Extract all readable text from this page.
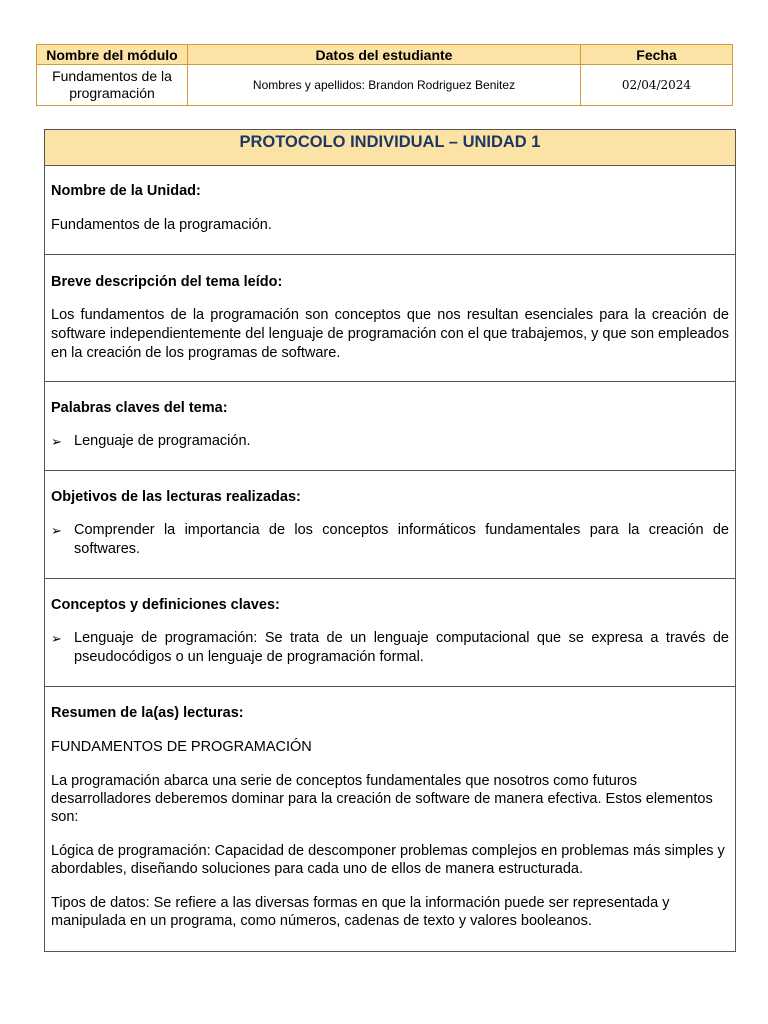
Nombre del módulo	Datos del estudiante	Fecha

Fundamentos de la
programación	Nombres y apellidos: Brandon Rodriguez Benitez	02/04/2024
PROTOCOLO INDIVIDUAL – UNIDAD 1

Nombre de la Unidad:

Fundamentos de la programación.

Breve descripción del tema leído:

Los fundamentos de la programación son conceptos que nos resultan esenciales para la creación de software independientemente del lenguaje de programación con el que trabajemos, y que son empleados en la creación de los programas de software.

Palabras claves del tema:

➢ Lenguaje de programación.

Objetivos de las lecturas realizadas:

➢ Comprender la importancia de los conceptos informáticos fundamentales para la creación de softwares.

Conceptos y definiciones claves:

➢ Lenguaje de programación: Se trata de un lenguaje computacional que se expresa a través de pseudocódigos o un lenguaje de programación formal.

Resumen de la(as) lecturas:

FUNDAMENTOS DE PROGRAMACIÓN

La programación abarca una serie de conceptos fundamentales que nosotros como futuros desarrolladores deberemos dominar para la creación de software de manera efectiva. Estos elementos son:

Lógica de programación: Capacidad de descomponer problemas complejos en problemas más simples y abordables, diseñando soluciones para cada uno de ellos de manera estructurada.

Tipos de datos: Se refiere a las diversas formas en que la información puede ser representada y manipulada en un programa, como números, cadenas de texto y valores booleanos.
